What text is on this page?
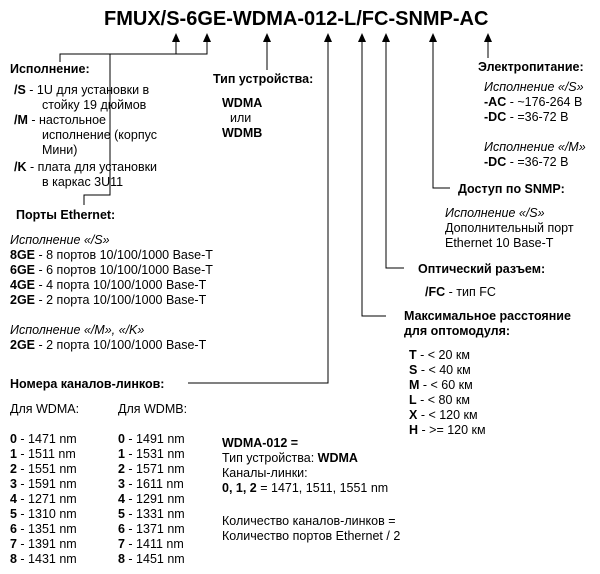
FMUX/S-6GE-WDMA-012-L/FC-SNMP-AC
Исполнение:
/S - 1U для установки в
стойку 19 дюймов
/M - настольное
исполнение (корпус
Мини)
/K - плата для установки
в каркас 3U11
Тип устройства:
WDMA
или
WDMB
Электропитание:
Исполнение «/S»
-AC - ~176-264 В
-DC - =36-72 В
Исполнение «/M»
-DC - =36-72 В
Доступ по SNMP:
Исполнение «/S»
Дополнительный порт
Ethernet 10 Base-T
Порты Ethernet:
Исполнение «/S»
8GE - 8 портов 10/100/1000 Base-T
6GE - 6 портов 10/100/1000 Base-T
4GE - 4 порта 10/100/1000 Base-T
2GE - 2 порта 10/100/1000 Base-T
Исполнение «/M», «/K»
2GE - 2 порта 10/100/1000 Base-T
Оптический разъем:
/FC - тип FC
Максимальное расстояние
для оптомодуля:
T - < 20 км
S - < 40 км
M - < 60 км
L - < 80 км
X - < 120 км
H - >= 120 км
Номера каналов-линков:
Для WDMA:	Для WDMB:
0 - 1471 nm
1 - 1511 nm
2 - 1551 nm
3 - 1591 nm
4 - 1271 nm
5 - 1310 nm
6 - 1351 nm
7 - 1391 nm
8 - 1431 nm
0 - 1491 nm
1 - 1531 nm
2 - 1571 nm
3 - 1611 nm
4 - 1291 nm
5 - 1331 nm
6 - 1371 nm
7 - 1411 nm
8 - 1451 nm
WDMA-012 =
Тип устройства: WDMA
Каналы-линки:
0, 1, 2 = 1471, 1511, 1551 nm
Количество каналов-линков =
Количество портов Ethernet / 2
